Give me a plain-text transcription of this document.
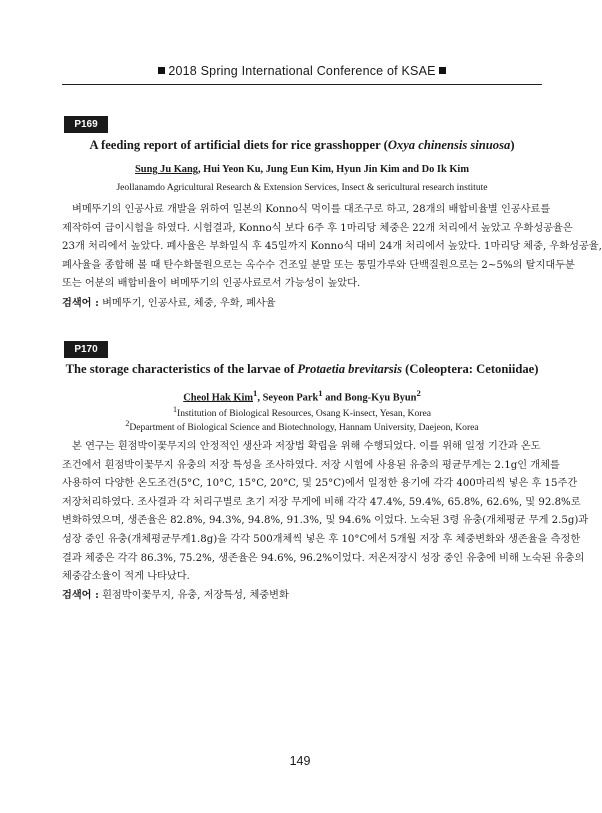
2018 Spring International Conference of KSAE
P169
A feeding report of artificial diets for rice grasshopper (Oxya chinensis sinuosa)
Sung Ju Kang, Hui Yeon Ku, Jung Eun Kim, Hyun Jin Kim and Do Ik Kim
Jeollanamdo Agricultural Research & Extension Services, Insect & sericultural research institute
벼메뚜기의 인공사료 개발을 위하여 일본의 Konno식 먹이를 대조구로 하고, 28개의 배합비율별 인공사료를
제작하여 급이시험을 하였다. 시험결과, Konno식 보다 6주 후 1마리당 체중은 22개 처리에서 높았고 우화성공율은
23개 처리에서 높았다. 폐사율은 부화일식 후 45일까지 Konno식 대비 24개 처리에서 높았다. 1마리당 체중, 우화성공율,
폐사율을 종합해 볼 때 탄수화물원으로는 옥수수 건조잎 분말 또는 통밀가루와 단백질원으로는 2~5%의 탈지대두분
또는 어분의 배합비율이 벼메뚜기의 인공사료로서 가능성이 높았다.
검색어 : 벼메뚜기, 인공사료, 체중, 우화, 폐사율
P170
The storage characteristics of the larvae of Protaetia brevitarsis (Coleoptera: Cetoniidae)
Cheol Hak Kim$^1$, Seyeon Park$^1$ and Bong-Kyu Byun$^2$
$^1$Institution of Biological Resources, Osang K-insect, Yesan, Korea
$^2$Department of Biological Science and Biotechnology, Hannam University, Daejeon, Korea
본 연구는 흰점박이꽃무지의 안정적인 생산과 저장법 확립을 위해 수행되었다. 이를 위해 일정 기간과 온도
조건에서 흰점박이꽃무지 유충의 저장 특성을 조사하였다. 저장 시험에 사용된 유충의 평균무게는 2.1g인 개체를
사용하여 다양한 온도조건(5°C, 10°C, 15°C, 20°C, 및 25°C)에서 일정한 용기에 각각 400마리씩 넣은 후 15주간
저장처리하였다. 조사결과 각 처리구별로 초기 저장 무게에 비해 각각 47.4%, 59.4%, 65.8%, 62.6%, 및 92.8%로
변화하였으며, 생존율은 82.8%, 94.3%, 94.8%, 91.3%, 및 94.6% 이었다. 노숙된 3령 유충(개체평균 무게 2.5g)과
성장 중인 유충(개체평균무게1.8g)을 각각 500개체씩 넣은 후 10°C에서 5개월 저장 후 체중변화와 생존율을 측정한
결과 체중은 각각 86.3%, 75.2%, 생존율은 94.6%, 96.2%이었다. 저온저장시 성장 중인 유충에 비해 노숙된 유충의
체중감소율이 적게 나타났다.
검색어 : 흰점박이꽃무지, 유충, 저장특성, 체중변화
149
